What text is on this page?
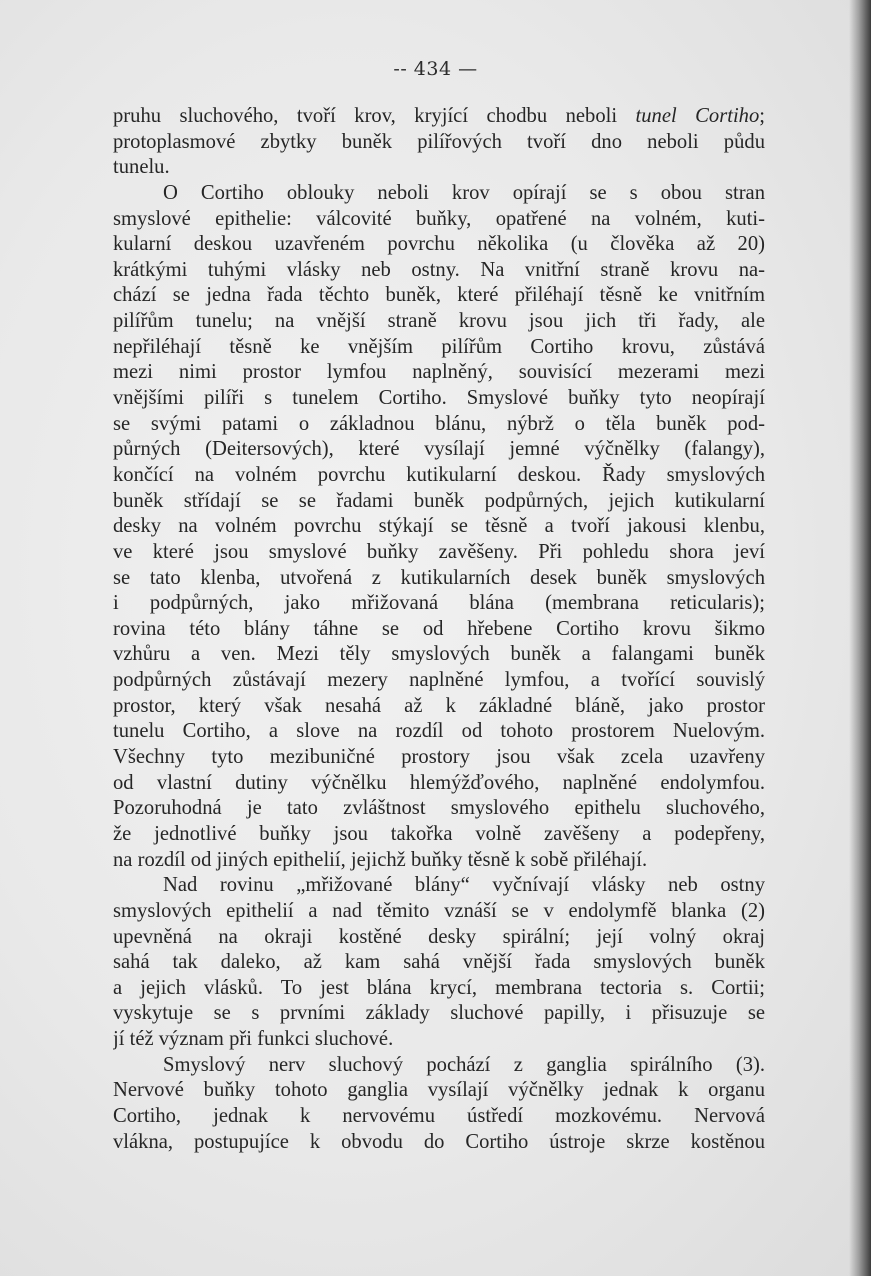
-- 434 —
pruhu sluchového, tvoří krov, kryjící chodbu neboli tunel Cortiho;
protoplasmové zbytky buněk pilířových tvoří dno neboli půdu
tunelu.
O Cortiho oblouky neboli krov opírají se s obou stran
smyslové epithelie: válcovité buňky, opatřené na volném, kuti-
kularní deskou uzavřeném povrchu několika (u člověka až 20)
krátkými tuhými vlásky neb ostny. Na vnitřní straně krovu na-
chází se jedna řada těchto buněk, které přiléhají těsně ke vnitřním
pilířům tunelu; na vnější straně krovu jsou jich tři řady, ale
nepřiléhají těsně ke vnějším pilířům Cortiho krovu, zůstává
mezi nimi prostor lymfou naplněný, souvisící mezerami mezi
vnějšími pilíři s tunelem Cortiho. Smyslové buňky tyto neopírají
se svými patami o základnou blánu, nýbrž o těla buněk pod-
půrných (Deitersových), které vysílají jemné výčnělky (falangy),
končící na volném povrchu kutikularní deskou. Řady smyslových
buněk střídají se se řadami buněk podpůrných, jejich kutikularní
desky na volném povrchu stýkají se těsně a tvoří jakousi klenbu,
ve které jsou smyslové buňky zavěšeny. Při pohledu shora jeví
se tato klenba, utvořená z kutikularních desek buněk smyslových
i podpůrných, jako mřižovaná blána (membrana reticularis);
rovina této blány táhne se od hřebene Cortiho krovu šikmo
vzhůru a ven. Mezi těly smyslových buněk a falangami buněk
podpůrných zůstávají mezery naplněné lymfou, a tvořící souvislý
prostor, který však nesahá až k základné bláně, jako prostor
tunelu Cortiho, a slove na rozdíl od tohoto prostorem Nuelovým.
Všechny tyto mezibuničné prostory jsou však zcela uzavřeny
od vlastní dutiny výčnělku hlemýžďového, naplněné endolymfou.
Pozoruhodná je tato zvláštnost smyslového epithelu sluchového,
že jednotlivé buňky jsou takořka volně zavěšeny a podepřeny,
na rozdíl od jiných epithelií, jejichž buňky těsně k sobě přiléhají.
Nad rovinu „mřižované blány“ vyčnívají vlásky neb ostny
smyslových epithelií a nad těmito vznáší se v endolymfě blanka (2)
upevněná na okraji kostěné desky spirální; její volný okraj
sahá tak daleko, až kam sahá vnější řada smyslových buněk
a jejich vlásků. To jest blána krycí, membrana tectoria s. Cortii;
vyskytuje se s prvními základy sluchové papilly, i přisuzuje se
jí též význam při funkci sluchové.
Smyslový nerv sluchový pochází z ganglia spirálního (3).
Nervové buňky tohoto ganglia vysílají výčnělky jednak k organu
Cortiho, jednak k nervovému ústředí mozkovému. Nervová
vlákna, postupujíce k obvodu do Cortiho ústroje skrze kostěnou
